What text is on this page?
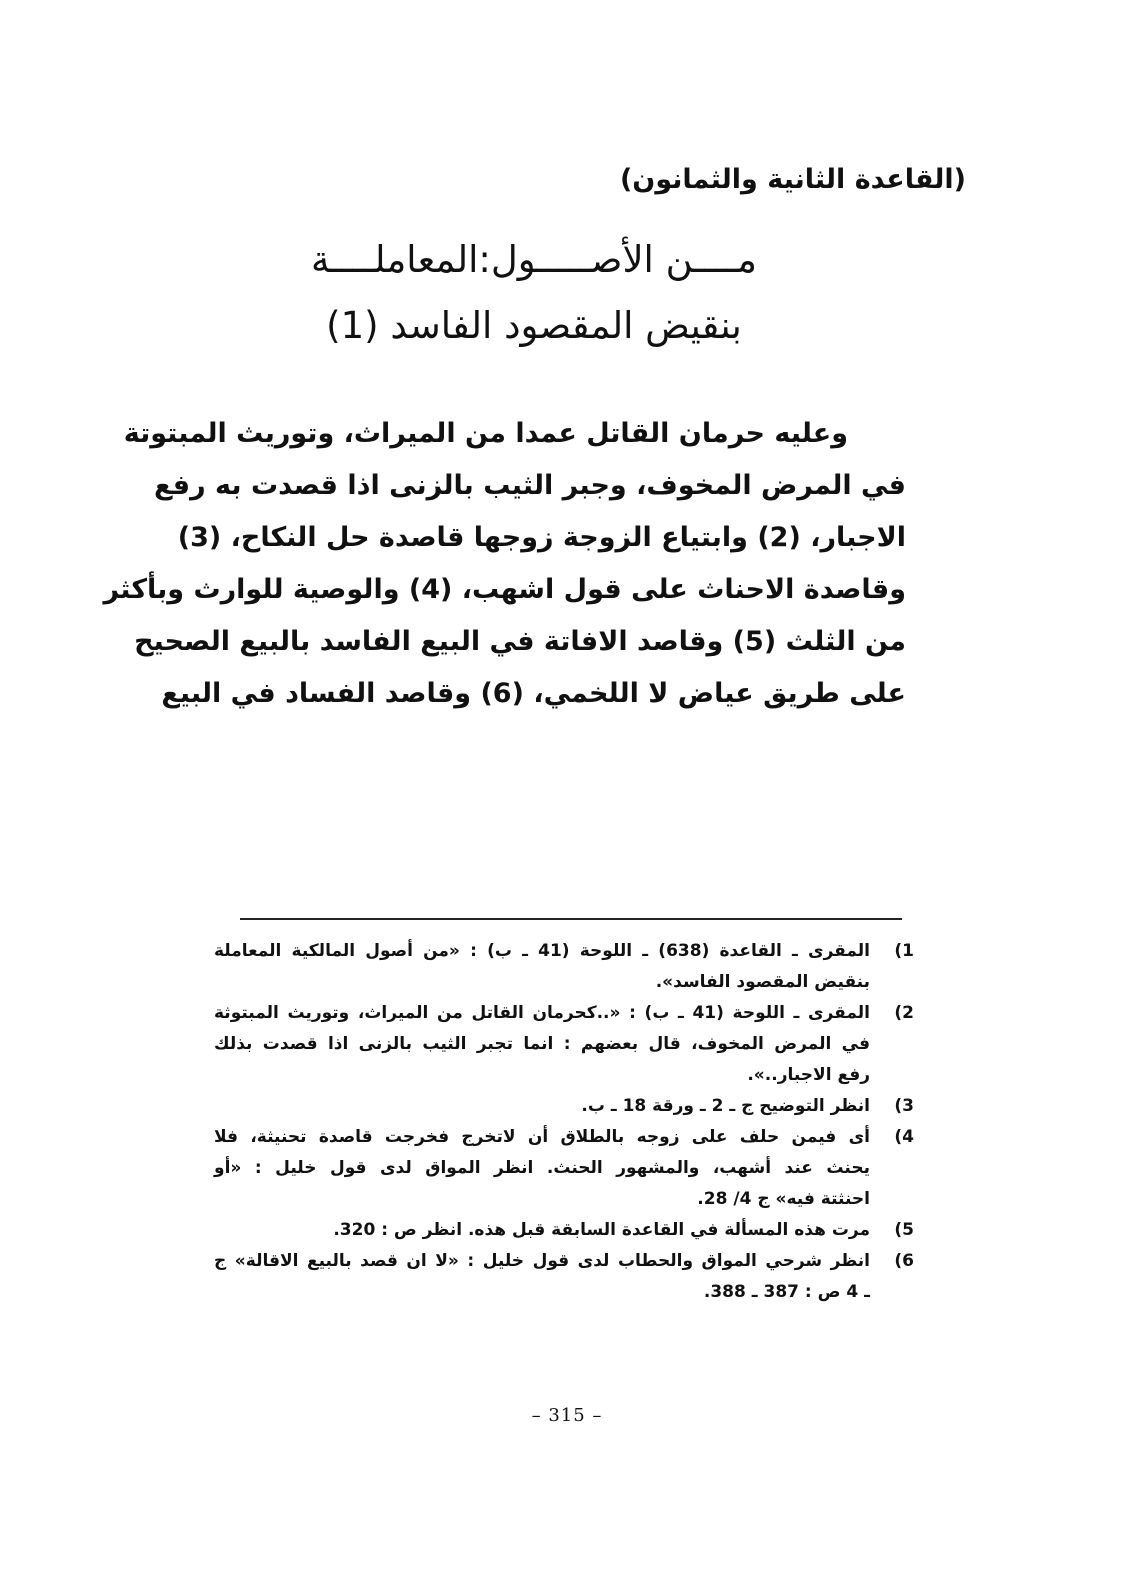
(القاعدة الثانية والثمانون)
مــــن الأصـــــول:المعاملــــة
بنقيض المقصود الفاسد (1)
وعليه حرمان القاتل عمدا من الميراث، وتوريث المبتوتة
في المرض المخوف، وجبر الثيب بالزنى اذا قصدت به رفع
الاجبار، (2) وابتياع الزوجة زوجها قاصدة حل النكاح، (3)
وقاصدة الاحناث على قول اشهب، (4) والوصية للوارث وبأكثر
من الثلث (5) وقاصد الافاتة في البيع الفاسد بالبيع الصحيح
على طريق عياض لا اللخمي، (6) وقاصد الفساد في البيع
(1
المقرى ـ القاعدة (638) ـ اللوحة (41 ـ ب) : «من أصول المالكية المعاملة
بنقيض المقصود الفاسد».
(2
المقرى ـ اللوحة (41 ـ ب) : «..كحرمان القاتل من الميراث، وتوريث المبتوثة
في المرض المخوف، قال بعضهم : انما تجبر الثيب بالزنى اذا قصدت بذلك
رفع الاجبار..».
(3
انظر التوضيح ج ـ 2 ـ ورقة 18 ـ ب.
(4
أى فيمن حلف على زوجه بالطلاق أن لاتخرج فخرجت قاصدة تحنيثة، فلا
يحنث عند أشهب، والمشهور الحنث. انظر المواق لدى قول خليل : «أو
احنثتة فيه» ج 4/ 28.
(5
مرت هذه المسألة في القاعدة السابقة قبل هذه. انظر ص : 320.
(6
انظر شرحي المواق والحطاب لدى قول خليل : «لا ان قصد بالبيع الاقالة» ج
ـ 4 ص : 387 ـ 388.
– 315 –
